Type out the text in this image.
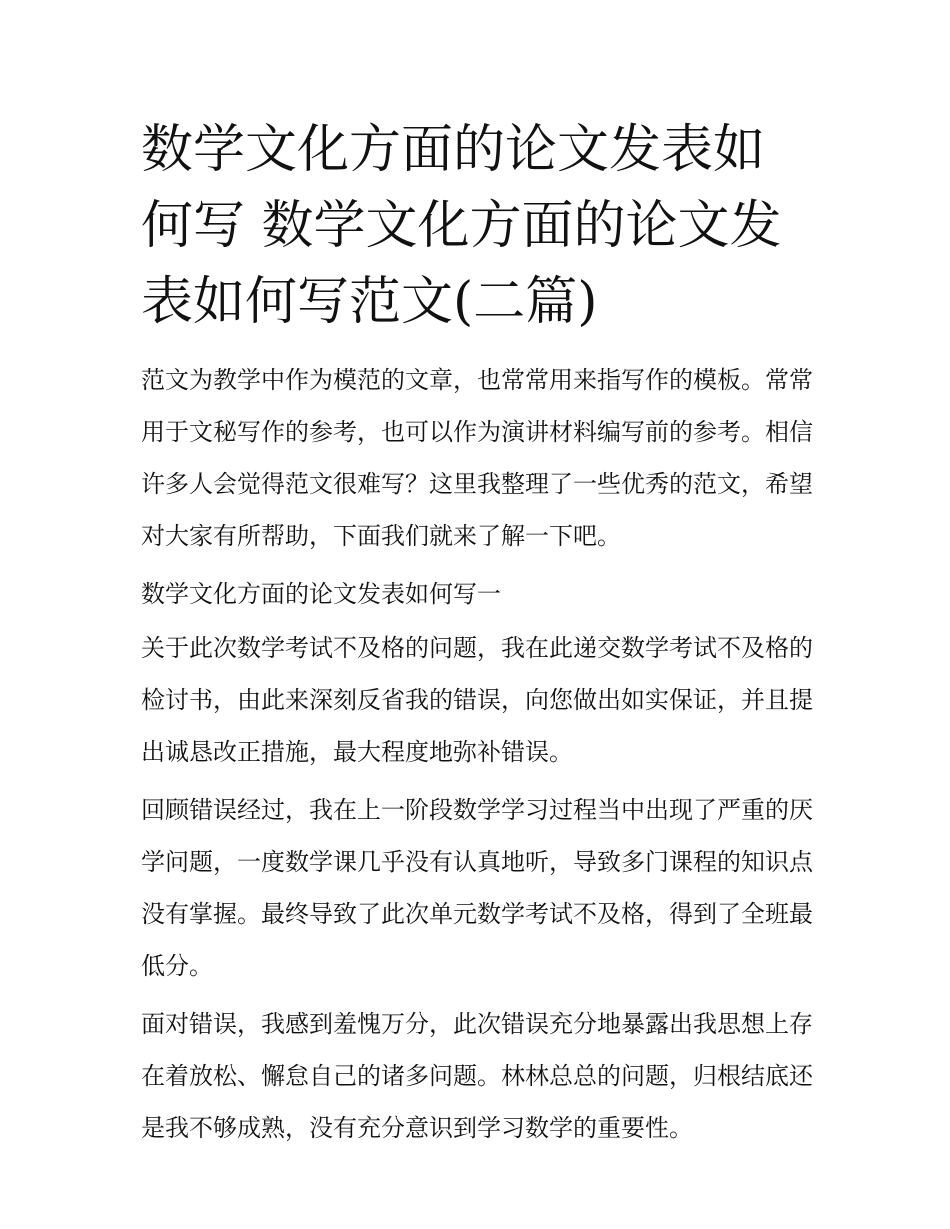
数学文化方面的论文发表如何写 数学文化方面的论文发表如何写范文(二篇)

范文为教学中作为模范的文章，也常常用来指写作的模板。常常用于文秘写作的参考，也可以作为演讲材料编写前的参考。相信许多人会觉得范文很难写？这里我整理了一些优秀的范文，希望对大家有所帮助，下面我们就来了解一下吧。

数学文化方面的论文发表如何写一

关于此次数学考试不及格的问题，我在此递交数学考试不及格的检讨书，由此来深刻反省我的错误，向您做出如实保证，并且提出诚恳改正措施，最大程度地弥补错误。

回顾错误经过，我在上一阶段数学学习过程当中出现了严重的厌学问题，一度数学课几乎没有认真地听，导致多门课程的知识点没有掌握。最终导致了此次单元数学考试不及格，得到了全班最低分。

面对错误，我感到羞愧万分，此次错误充分地暴露出我思想上存在着放松、懈怠自己的诸多问题。林林总总的问题，归根结底还是我不够成熟，没有充分意识到学习数学的重要性。
